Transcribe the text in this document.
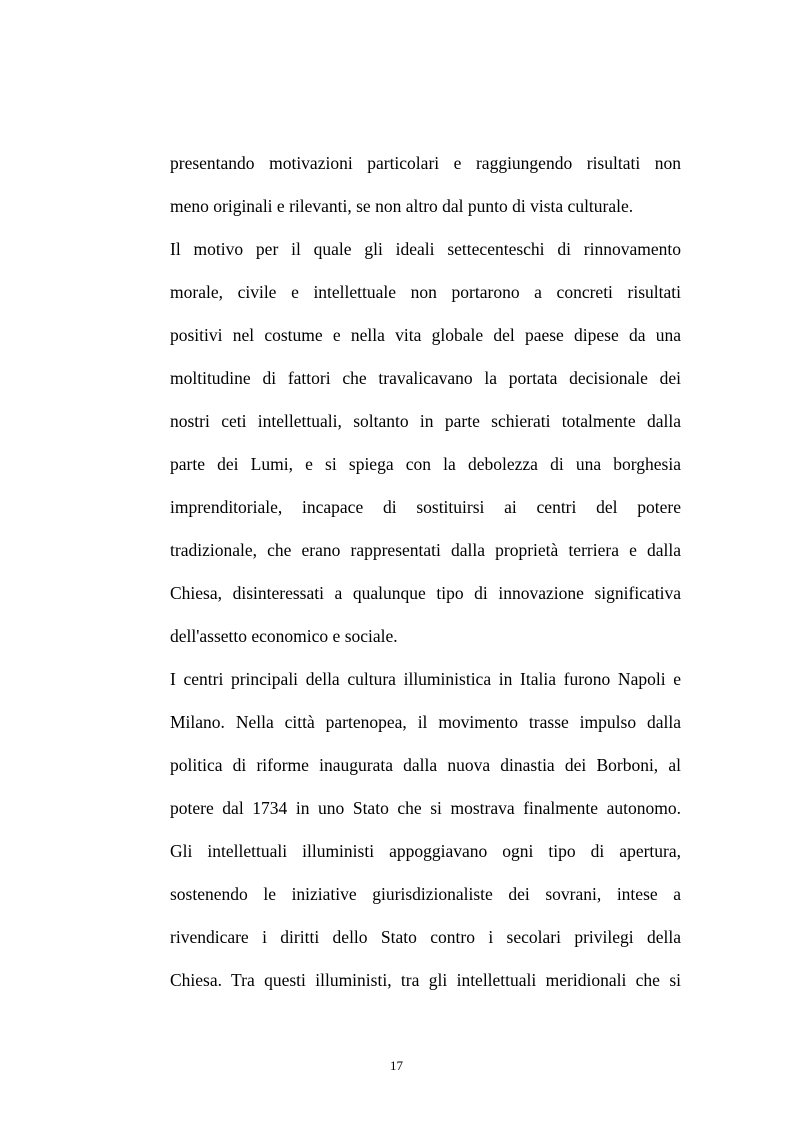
presentando motivazioni particolari e raggiungendo risultati non
meno originali e rilevanti, se non altro dal punto di vista culturale.
Il motivo per il quale gli ideali settecenteschi di rinnovamento
morale, civile e intellettuale non portarono a concreti risultati
positivi nel costume e nella vita globale del paese dipese da una
moltitudine di fattori che travalicavano la portata decisionale dei
nostri ceti intellettuali, soltanto in parte schierati totalmente dalla
parte dei Lumi, e si spiega con la debolezza di una borghesia
imprenditoriale, incapace di sostituirsi ai centri del potere
tradizionale, che erano rappresentati dalla proprietà terriera e dalla
Chiesa, disinteressati a qualunque tipo di innovazione significativa
dell'assetto economico e sociale.
I centri principali della cultura illuministica in Italia furono Napoli e
Milano. Nella città partenopea, il movimento trasse impulso dalla
politica di riforme inaugurata dalla nuova dinastia dei Borboni, al
potere dal 1734 in uno Stato che si mostrava finalmente autonomo.
Gli intellettuali illuministi appoggiavano ogni tipo di apertura,
sostenendo le iniziative giurisdizionaliste dei sovrani, intese a
rivendicare i diritti dello Stato contro i secolari privilegi della
Chiesa. Tra questi illuministi, tra gli intellettuali meridionali che si
17
